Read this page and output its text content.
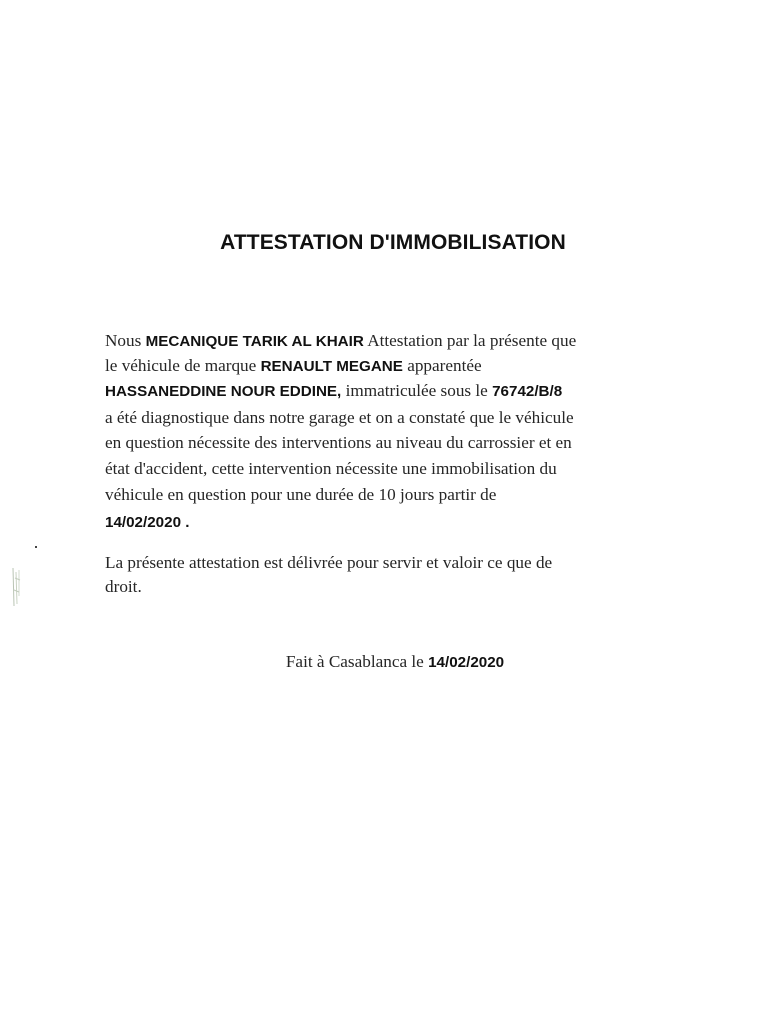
ATTESTATION D'IMMOBILISATION
Nous MECANIQUE TARIK AL KHAIR Attestation par la présente que
le véhicule de marque RENAULT MEGANE apparentée
HASSANEDDINE NOUR EDDINE, immatriculée sous le 76742/B/8
a été diagnostique dans notre garage et on a constaté que le véhicule
en question nécessite des interventions au niveau du carrossier et en
état d'accident, cette intervention nécessite une immobilisation du
véhicule en question pour une durée de 10 jours partir de
14/02/2020 .
La présente attestation est délivrée pour servir et valoir ce que de
droit.
Fait à Casablanca le 14/02/2020
